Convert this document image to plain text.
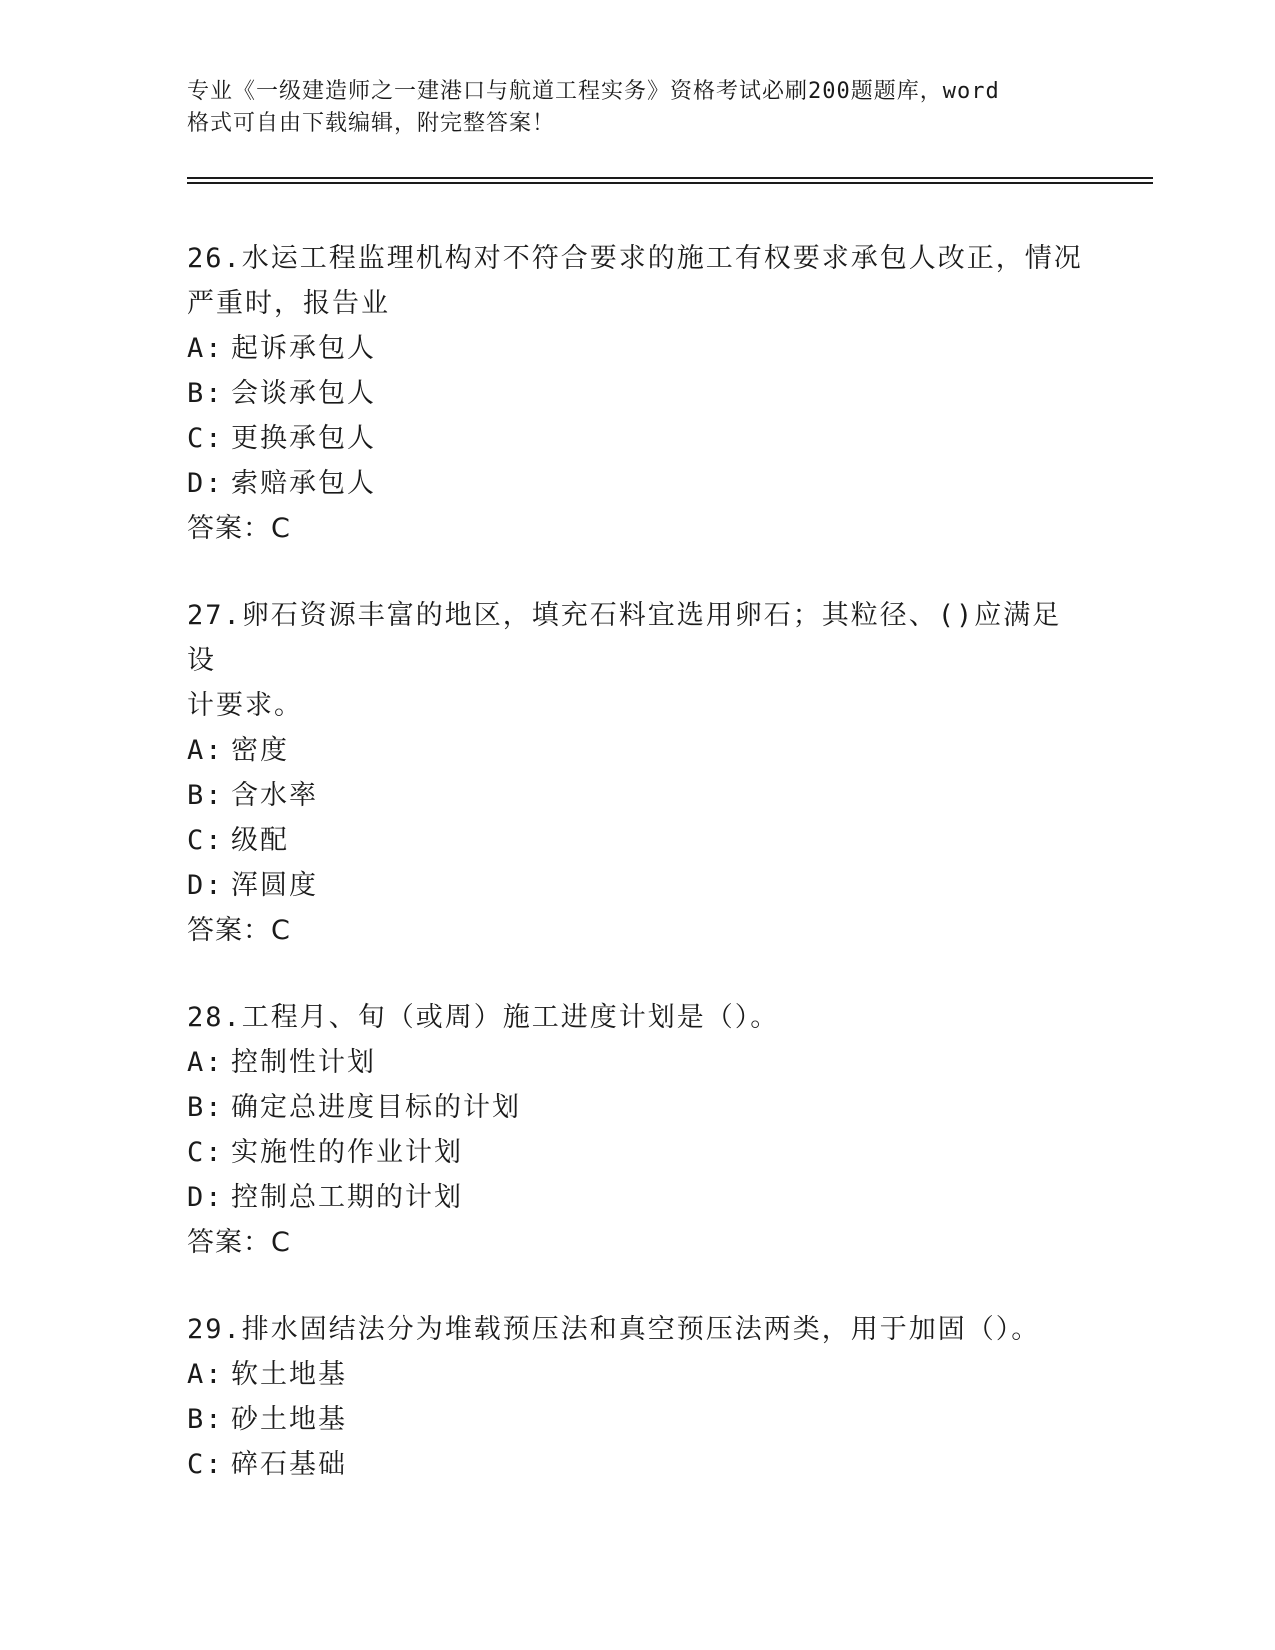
专业《一级建造师之一建港口与航道工程实务》资格考试必刷200题题库，word
格式可自由下载编辑，附完整答案！
26.水运工程监理机构对不符合要求的施工有权要求承包人改正，情况
严重时，报告业
A: 起诉承包人
B: 会谈承包人
C: 更换承包人
D: 索赔承包人
答案：C
27.卵石资源丰富的地区，填充石料宜选用卵石；其粒径、()应满足设
计要求。
A: 密度
B: 含水率
C: 级配
D: 浑圆度
答案：C
28.工程月、旬（或周）施工进度计划是（）。
A: 控制性计划
B: 确定总进度目标的计划
C: 实施性的作业计划
D: 控制总工期的计划
答案：C
29.排水固结法分为堆载预压法和真空预压法两类，用于加固（）。
A: 软土地基
B: 砂土地基
C: 碎石基础
